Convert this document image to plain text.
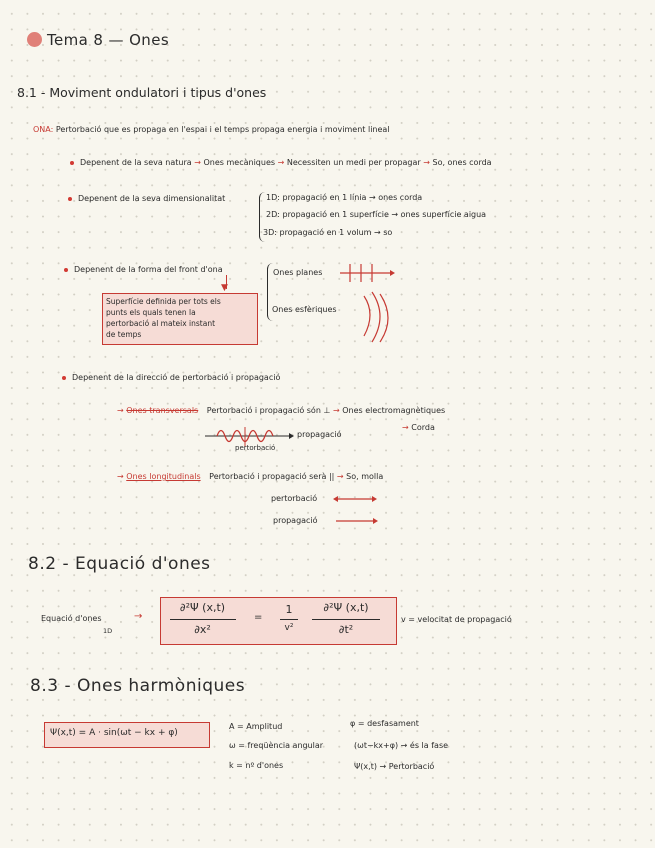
Tema 8 — Ones
8.1 - Moviment ondulatori i tipus d'ones
ONA: Pertorbació que es propaga en l'espai i el temps propaga energia i moviment lineal
Depenent de la seva natura → Ones mecàniques → Necessiten un medi per propagar → So, ones corda
Depenent de la seva dimensionalitat	1D: propagació en 1 línia → ones corda
2D: propagació en 1 superfície → ones superfície aigua
3D: propagació en 1 volum → so
Depenent de la forma del front d'ona
▼
Ones planes
Ones esfèriques
Superfície definida per tots els
punts els quals tenen la
pertorbació al mateix instant
de temps
Depenent de la direcció de pertorbació i propagació
→ Ones transversals Pertorbació i propagació són ⊥ → Ones electromagnètiques
→ Corda
propagació
pertorbació
→ Ones longitudinals Pertorbació i propagació serà || → So, molla
pertorbació
propagació
8.2 - Equació d'ones
Equació d'ones
1D
→
∂²Ψ (x,t)
∂x²
=
1
v²
∂²Ψ (x,t)
∂t²
v = velocitat de propagació
8.3 - Ones harmòniques
Ψ(x,t) = A · sin(ωt − kx + φ)
A = Amplitud
ω = freqüència angular
k = nº d'ones
φ = desfasament
(ωt−kx+φ) → és la fase
Ψ(x,t) → Pertorbació
